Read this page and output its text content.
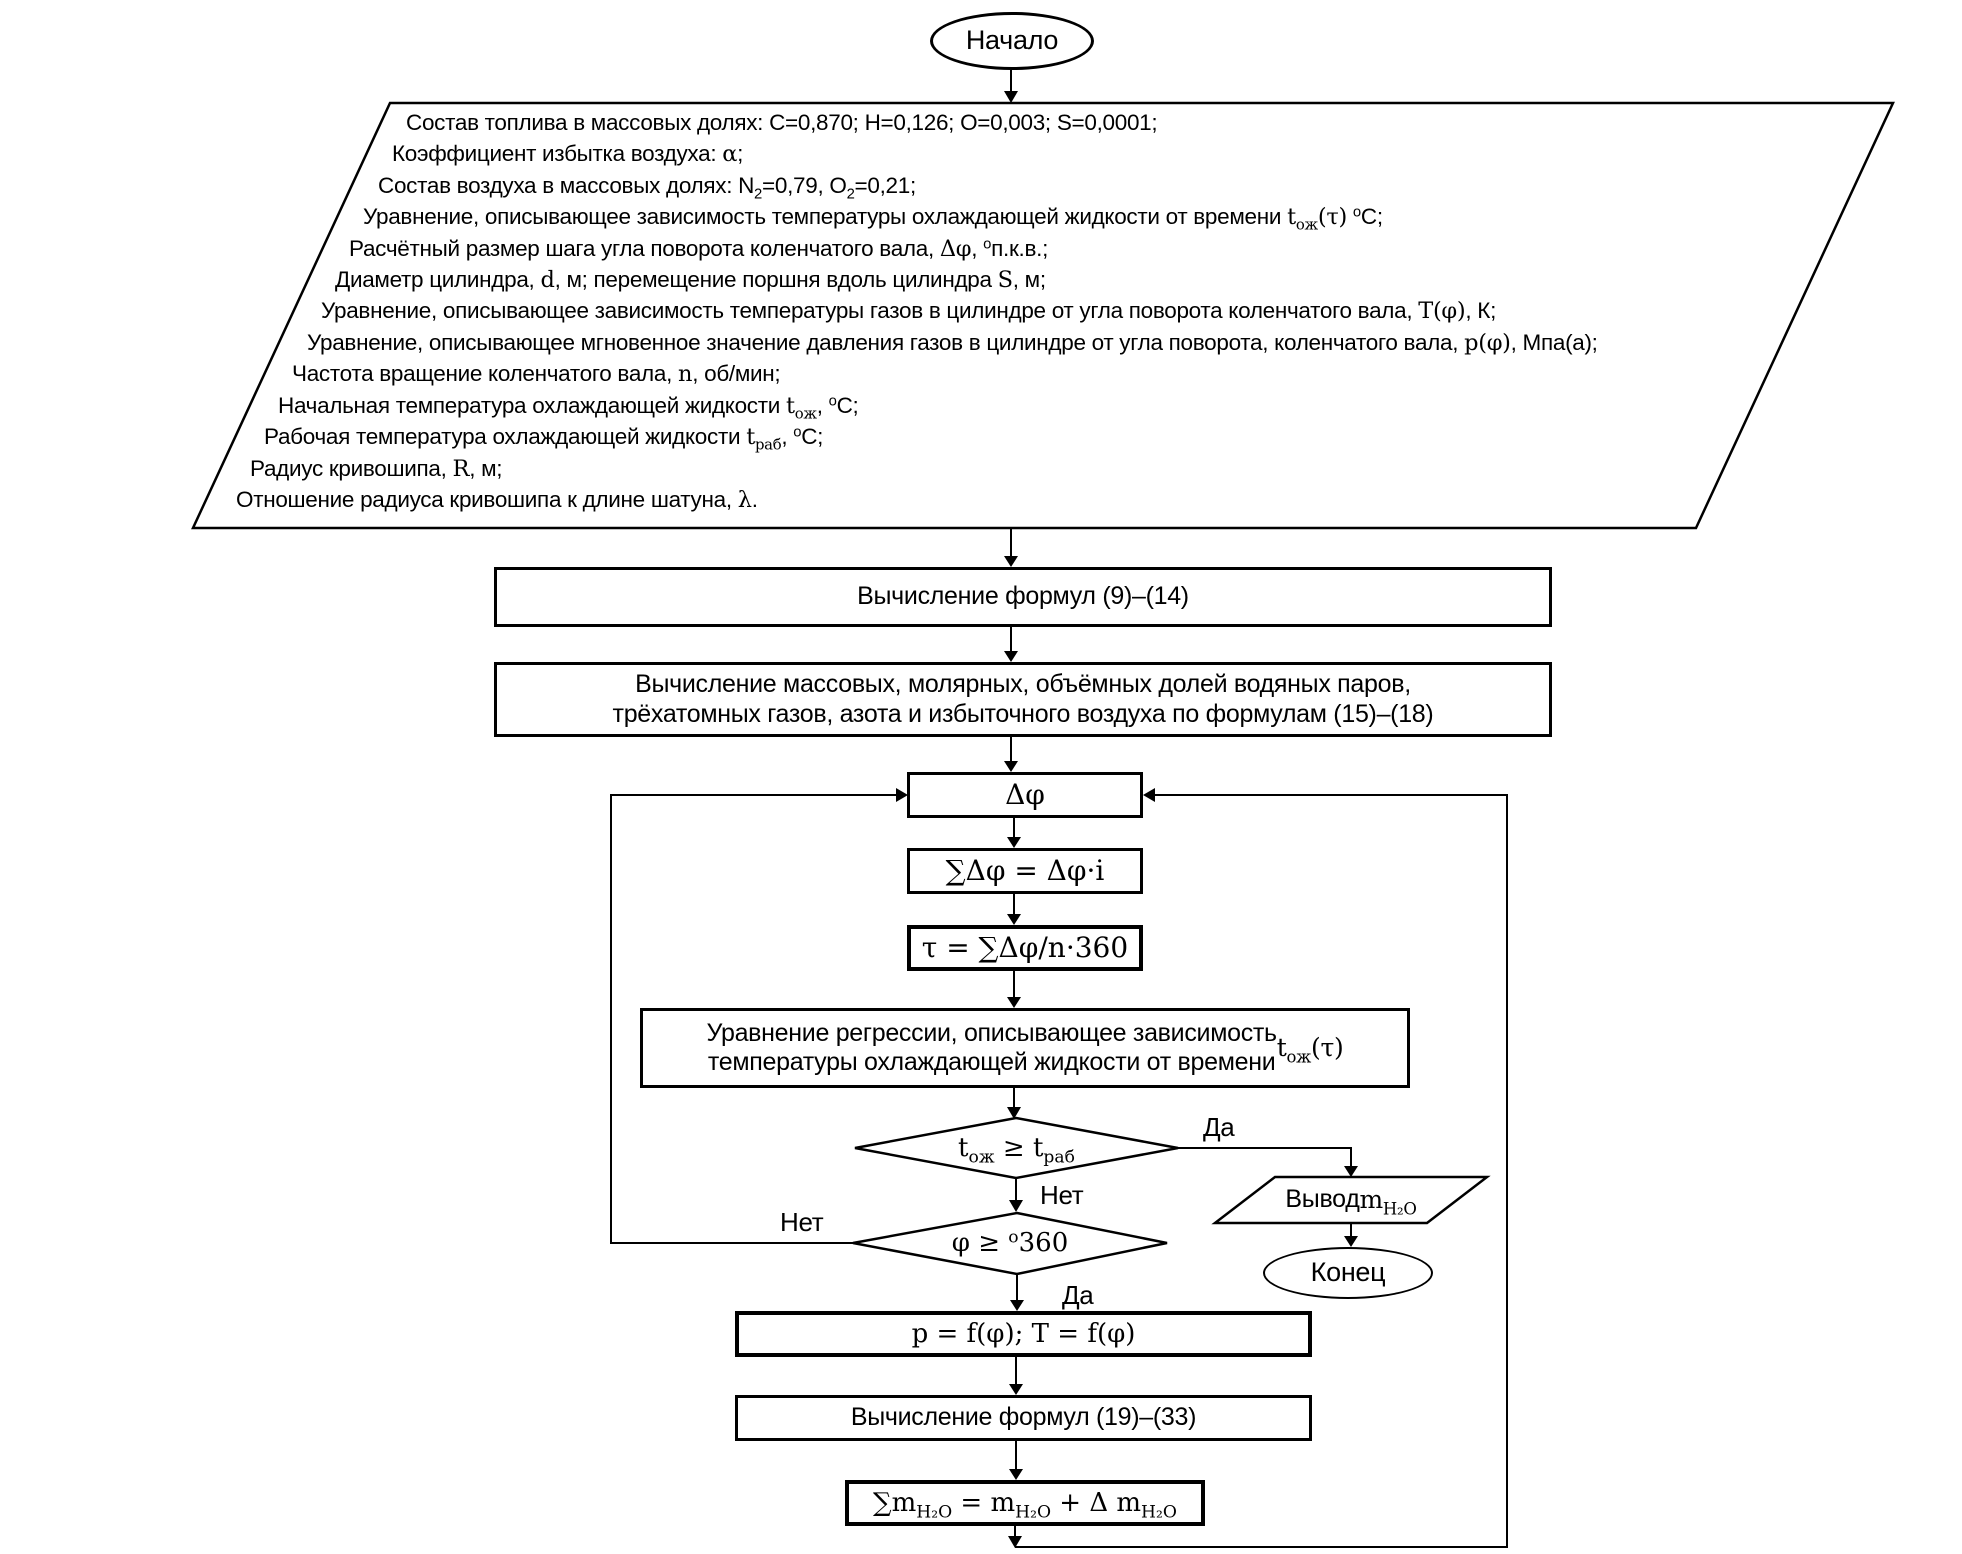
Начало
Состав топлива в массовых долях: C=0,870; H=0,126; O=0,003; S=0,0001;
Коэффициент избытка воздуха: α;
Состав воздуха в массовых долях: $N_2=0,79$, $O_2=0,21$;
Уравнение, описывающее зависимость температуры охлаждающей жидкости от времени $t_{ож}(\tau)$ $^о$С;
Расчётный размер шага угла поворота коленчатого вала, Δφ, $^о$п.к.в.;
Диаметр цилиндра, d, м; перемещение поршня вдоль цилиндра S, м;
Уравнение, описывающее зависимость температуры газов в цилиндре от угла поворота коленчатого вала, T(φ), К;
Уравнение, описывающее мгновенное значение давления газов в цилиндре от угла поворота, коленчатого вала, p(φ), Мпа(а);
Частота вращение коленчатого вала, n, об/мин;
Начальная температура охлаждающей жидкости $t_{ож}$, $^о$С;
Рабочая температура охлаждающей жидкости $t_{раб}$, $^о$С;
Радиус кривошипа, R, м;
Отношение радиуса кривошипа к длине шатуна, λ.
Вычисление формул (9)–(14)
Вычисление массовых, молярных, объёмных долей водяных паров,
трёхатомных газов, азота и избыточного воздуха по формулам (15)–(18)
Δφ
∑Δφ = Δφ·i
τ = ∑Δφ/n·360
Уравнение регрессии, описывающее зависимость
температуры охлаждающей жидкости от времени $t_{ож}(\tau)$
$t_{ож} \ge t_{раб}$
φ ≥ $^о$360
Вывод $m_{H_2O}$
Конец
p = f(φ); T = f(φ)
Вычисление формул (19)–(33)
$\sum m_{H_2O} = m_{H_2O} + \Delta$ $m_{H_2O}$
Да
Нет
Нет
Да
